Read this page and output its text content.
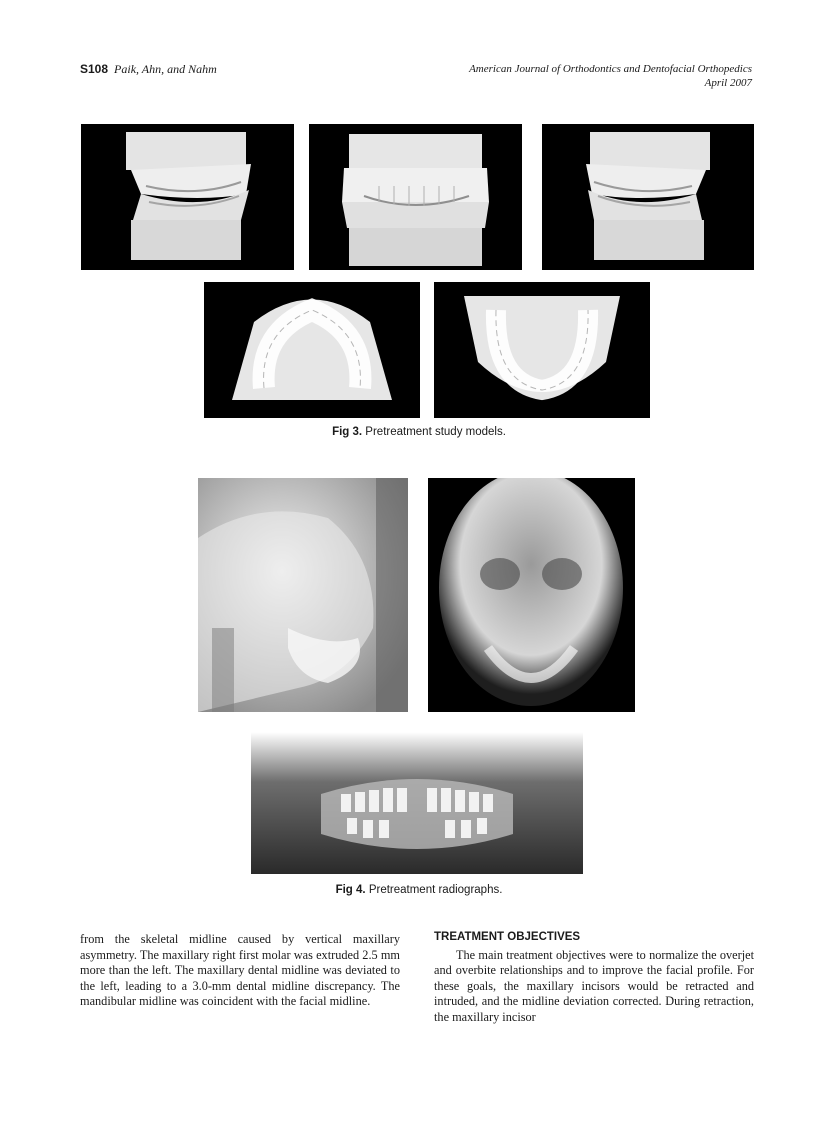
S108 Paik, Ahn, and Nahm	American Journal of Orthodontics and Dentofacial Orthopedics
April 2007
Fig 3. Pretreatment study models.
Fig 4. Pretreatment radiographs.

from the skeletal midline caused by vertical maxillary asymmetry. The maxillary right first molar was extruded 2.5 mm more than the left. The maxillary dental midline was deviated to the left, leading to a 3.0-mm dental midline discrepancy. The mandibular midline was coincident with the facial midline.

TREATMENT OBJECTIVES

The main treatment objectives were to normalize the overjet and overbite relationships and to improve the facial profile. For these goals, the maxillary incisors would be retracted and intruded, and the midline deviation corrected. During retraction, the maxillary incisor
